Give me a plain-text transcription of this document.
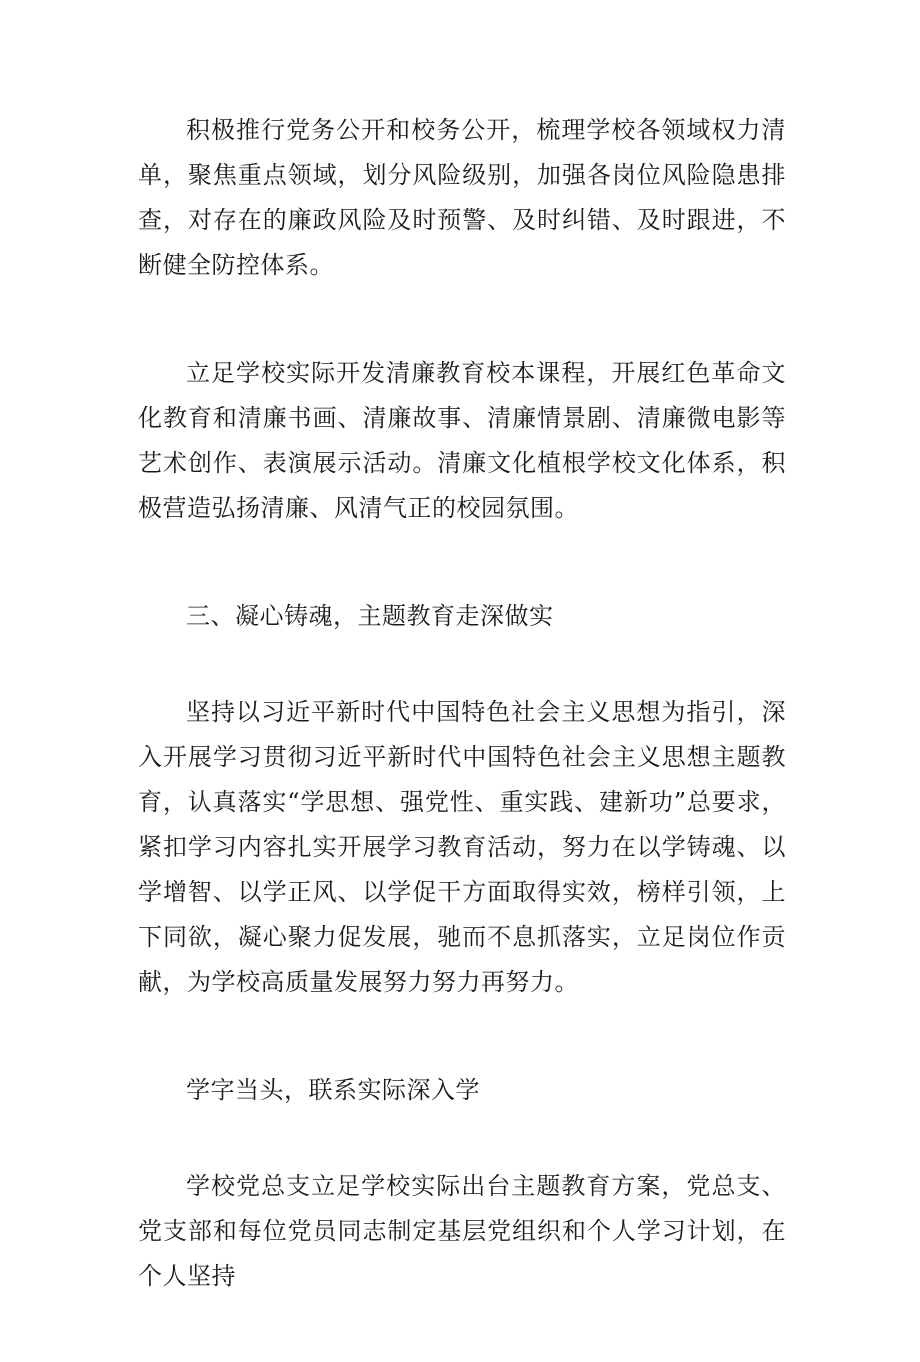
积极推行党务公开和校务公开，梳理学校各领域权力清单，聚焦重点领域，划分风险级别，加强各岗位风险隐患排查，对存在的廉政风险及时预警、及时纠错、及时跟进，不断健全防控体系。

立足学校实际开发清廉教育校本课程，开展红色革命文化教育和清廉书画、清廉故事、清廉情景剧、清廉微电影等艺术创作、表演展示活动。清廉文化植根学校文化体系，积极营造弘扬清廉、风清气正的校园氛围。

三、凝心铸魂，主题教育走深做实

坚持以习近平新时代中国特色社会主义思想为指引，深入开展学习贯彻习近平新时代中国特色社会主义思想主题教育，认真落实“学思想、强党性、重实践、建新功”总要求，紧扣学习内容扎实开展学习教育活动，努力在以学铸魂、以学增智、以学正风、以学促干方面取得实效，榜样引领，上下同欲，凝心聚力促发展，驰而不息抓落实，立足岗位作贡献，为学校高质量发展努力努力再努力。

学字当头，联系实际深入学

学校党总支立足学校实际出台主题教育方案，党总支、党支部和每位党员同志制定基层党组织和个人学习计划，在个人坚持
